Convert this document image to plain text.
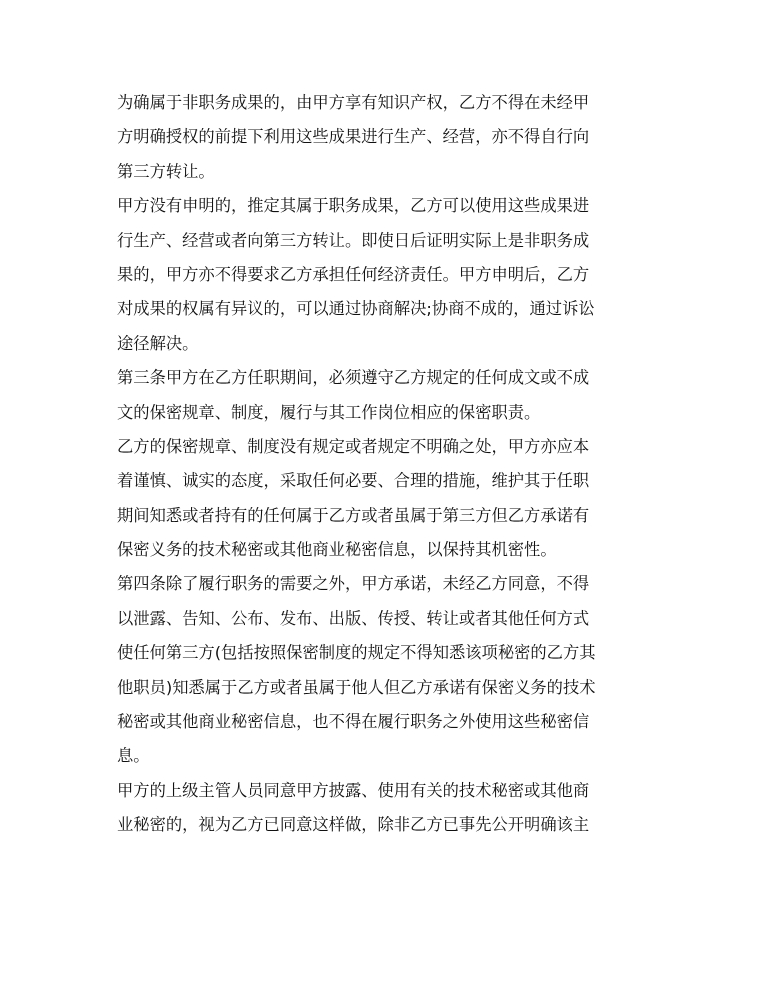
为确属于非职务成果的，由甲方享有知识产权，乙方不得在未经甲
方明确授权的前提下利用这些成果进行生产、经营，亦不得自行向
第三方转让。

甲方没有申明的，推定其属于职务成果，乙方可以使用这些成果进
行生产、经营或者向第三方转让。即使日后证明实际上是非职务成
果的，甲方亦不得要求乙方承担任何经济责任。甲方申明后，乙方
对成果的权属有异议的，可以通过协商解决;协商不成的，通过诉讼
途径解决。

第三条甲方在乙方任职期间，必须遵守乙方规定的任何成文或不成
文的保密规章、制度，履行与其工作岗位相应的保密职责。

乙方的保密规章、制度没有规定或者规定不明确之处，甲方亦应本
着谨慎、诚实的态度，采取任何必要、合理的措施，维护其于任职
期间知悉或者持有的任何属于乙方或者虽属于第三方但乙方承诺有
保密义务的技术秘密或其他商业秘密信息，以保持其机密性。

第四条除了履行职务的需要之外，甲方承诺，未经乙方同意，不得
以泄露、告知、公布、发布、出版、传授、转让或者其他任何方式
使任何第三方(包括按照保密制度的规定不得知悉该项秘密的乙方其
他职员)知悉属于乙方或者虽属于他人但乙方承诺有保密义务的技术
秘密或其他商业秘密信息，也不得在履行职务之外使用这些秘密信
息。

甲方的上级主管人员同意甲方披露、使用有关的技术秘密或其他商
业秘密的，视为乙方已同意这样做，除非乙方已事先公开明确该主
